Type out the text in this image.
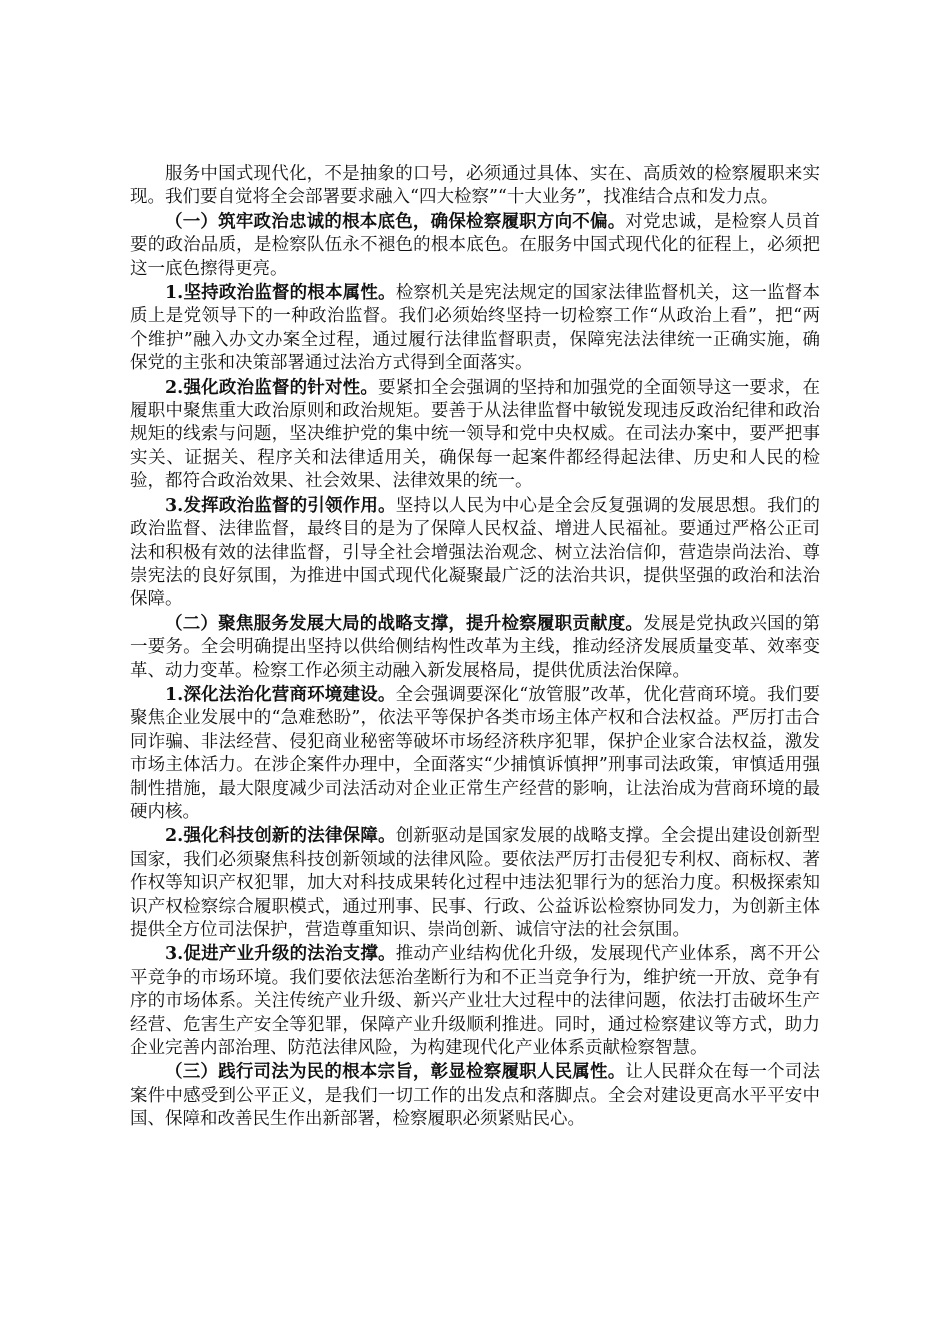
服务中国式现代化，不是抽象的口号，必须通过具体、实在、高质效的检察履职来实现。我们要自觉将全会部署要求融入“四大检察”“十大业务”，找准结合点和发力点。

（一）筑牢政治忠诚的根本底色，确保检察履职方向不偏。对党忠诚，是检察人员首要的政治品质，是检察队伍永不褪色的根本底色。在服务中国式现代化的征程上，必须把这一底色擦得更亮。

1.坚持政治监督的根本属性。检察机关是宪法规定的国家法律监督机关，这一监督本质上是党领导下的一种政治监督。我们必须始终坚持一切检察工作“从政治上看”，把“两个维护”融入办文办案全过程，通过履行法律监督职责，保障宪法法律统一正确实施，确保党的主张和决策部署通过法治方式得到全面落实。

2.强化政治监督的针对性。要紧扣全会强调的坚持和加强党的全面领导这一要求，在履职中聚焦重大政治原则和政治规矩。要善于从法律监督中敏锐发现违反政治纪律和政治规矩的线索与问题，坚决维护党的集中统一领导和党中央权威。在司法办案中，要严把事实关、证据关、程序关和法律适用关，确保每一起案件都经得起法律、历史和人民的检验，都符合政治效果、社会效果、法律效果的统一。

3.发挥政治监督的引领作用。坚持以人民为中心是全会反复强调的发展思想。我们的政治监督、法律监督，最终目的是为了保障人民权益、增进人民福祉。要通过严格公正司法和积极有效的法律监督，引导全社会增强法治观念、树立法治信仰，营造崇尚法治、尊崇宪法的良好氛围，为推进中国式现代化凝聚最广泛的法治共识，提供坚强的政治和法治保障。

（二）聚焦服务发展大局的战略支撑，提升检察履职贡献度。发展是党执政兴国的第一要务。全会明确提出坚持以供给侧结构性改革为主线，推动经济发展质量变革、效率变革、动力变革。检察工作必须主动融入新发展格局，提供优质法治保障。

1.深化法治化营商环境建设。全会强调要深化“放管服”改革，优化营商环境。我们要聚焦企业发展中的“急难愁盼”，依法平等保护各类市场主体产权和合法权益。严厉打击合同诈骗、非法经营、侵犯商业秘密等破坏市场经济秩序犯罪，保护企业家合法权益，激发市场主体活力。在涉企案件办理中，全面落实“少捕慎诉慎押”刑事司法政策，审慎适用强制性措施，最大限度减少司法活动对企业正常生产经营的影响，让法治成为营商环境的最硬内核。

2.强化科技创新的法律保障。创新驱动是国家发展的战略支撑。全会提出建设创新型国家，我们必须聚焦科技创新领域的法律风险。要依法严厉打击侵犯专利权、商标权、著作权等知识产权犯罪，加大对科技成果转化过程中违法犯罪行为的惩治力度。积极探索知识产权检察综合履职模式，通过刑事、民事、行政、公益诉讼检察协同发力，为创新主体提供全方位司法保护，营造尊重知识、崇尚创新、诚信守法的社会氛围。

3.促进产业升级的法治支撑。推动产业结构优化升级，发展现代产业体系，离不开公平竞争的市场环境。我们要依法惩治垄断行为和不正当竞争行为，维护统一开放、竞争有序的市场体系。关注传统产业升级、新兴产业壮大过程中的法律问题，依法打击破坏生产经营、危害生产安全等犯罪，保障产业升级顺利推进。同时，通过检察建议等方式，助力企业完善内部治理、防范法律风险，为构建现代化产业体系贡献检察智慧。

（三）践行司法为民的根本宗旨，彰显检察履职人民属性。让人民群众在每一个司法案件中感受到公平正义，是我们一切工作的出发点和落脚点。全会对建设更高水平平安中国、保障和改善民生作出新部署，检察履职必须紧贴民心。
